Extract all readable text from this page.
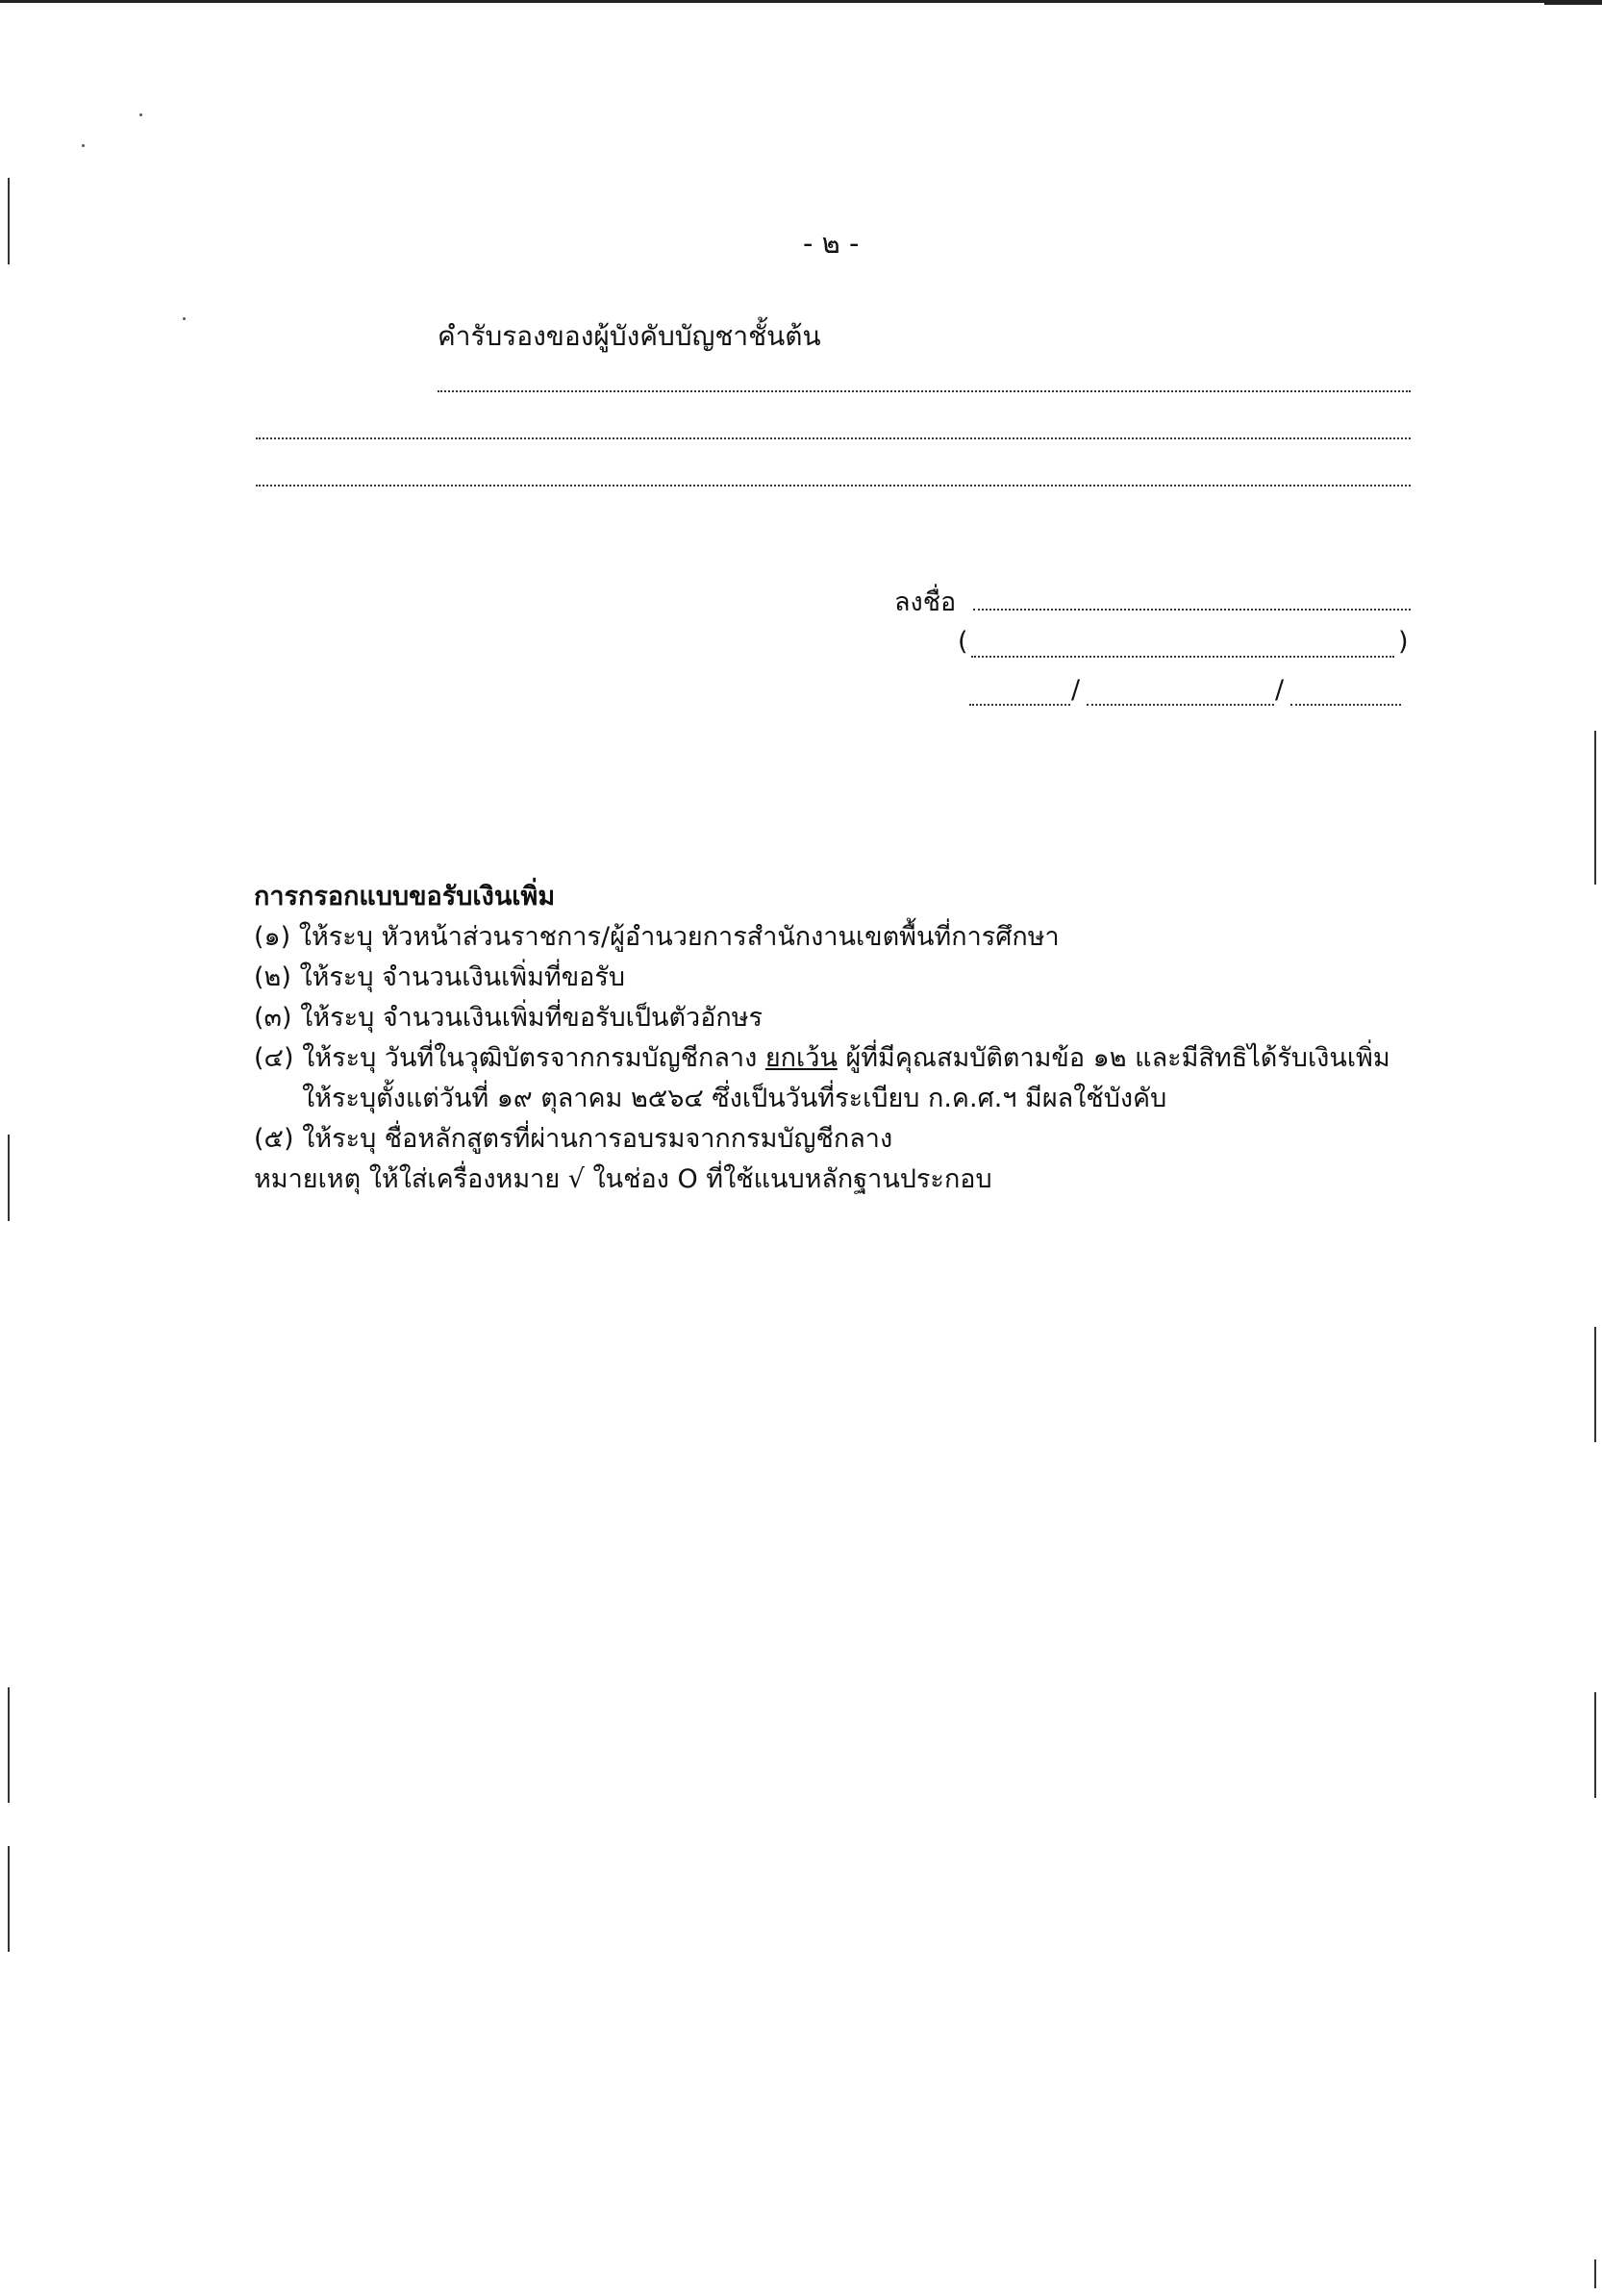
- ๒ -
คำรับรองของผู้บังคับบัญชาชั้นต้น
ลงชื่อ
(	)
/	/
การกรอกแบบขอรับเงินเพิ่ม
(๑) ให้ระบุ หัวหน้าส่วนราชการ/ผู้อำนวยการสำนักงานเขตพื้นที่การศึกษา
(๒) ให้ระบุ จำนวนเงินเพิ่มที่ขอรับ
(๓) ให้ระบุ จำนวนเงินเพิ่มที่ขอรับเป็นตัวอักษร
(๔) ให้ระบุ วันที่ในวุฒิบัตรจากกรมบัญชีกลาง ยกเว้น ผู้ที่มีคุณสมบัติตามข้อ ๑๒ และมีสิทธิได้รับเงินเพิ่ม
ให้ระบุตั้งแต่วันที่ ๑๙ ตุลาคม ๒๕๖๔ ซึ่งเป็นวันที่ระเบียบ ก.ค.ศ.ฯ มีผลใช้บังคับ
(๕) ให้ระบุ ชื่อหลักสูตรที่ผ่านการอบรมจากกรมบัญชีกลาง
หมายเหตุ ให้ใส่เครื่องหมาย √ ในช่อง O ที่ใช้แนบหลักฐานประกอบ
